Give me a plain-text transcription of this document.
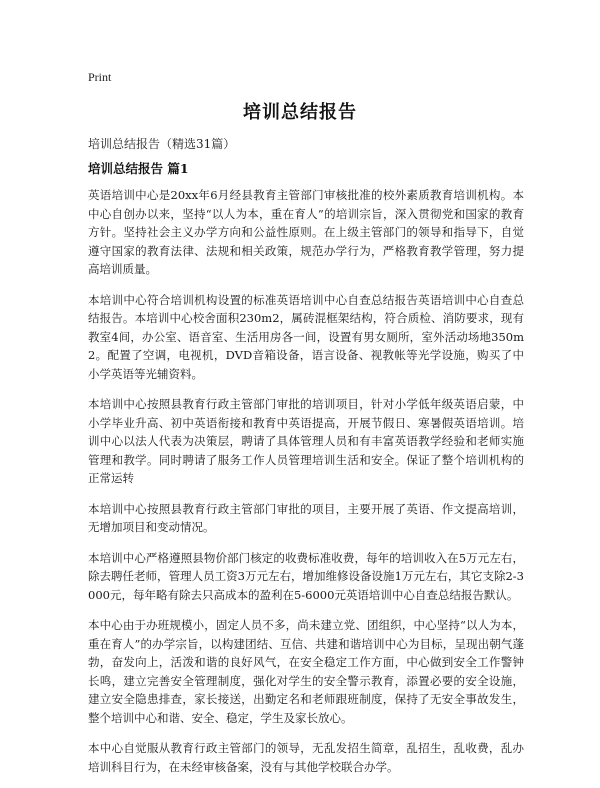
Print
培训总结报告
培训总结报告（精选31篇）
培训总结报告 篇1

英语培训中心是20xx年6月经县教育主管部门审核批准的校外素质教育培训机构。本中心自创办以来，坚持“以人为本，重在育人”的培训宗旨，深入贯彻党和国家的教育方针。坚持社会主义办学方向和公益性原则。在上级主管部门的领导和指导下，自觉遵守国家的教育法律、法规和相关政策，规范办学行为，严格教育教学管理，努力提高培训质量。

本培训中心符合培训机构设置的标准英语培训中心自查总结报告英语培训中心自查总结报告。本培训中心校舍面积230m2，属砖混框架结构，符合质检、消防要求，现有教室4间，办公室、语音室、生活用房各一间，设置有男女厕所，室外活动场地350m2。配置了空调，电视机，DVD音箱设备，语言设备、视教帐等光学设施，购买了中小学英语等光辅资料。

本培训中心按照县教育行政主管部门审批的培训项目，针对小学低年级英语启蒙，中小学毕业升高、初中英语衔接和教育中英语提高，开展节假日、寒暑假英语培训。培训中心以法人代表为决策层，聘请了具体管理人员和有丰富英语教学经验和老师实施管理和教学。同时聘请了服务工作人员管理培训生活和安全。保证了整个培训机构的正常运转

本培训中心按照县教育行政主管部门审批的项目，主要开展了英语、作文提高培训，无增加项目和变动情况。

本培训中心严格遵照县物价部门核定的收费标准收费，每年的培训收入在5万元左右，除去聘任老师，管理人员工资3万元左右，增加维修设备设施1万元左右，其它支除2-3000元，每年略有除去只高成本的盈利在5-6000元英语培训中心自查总结报告默认。

本中心由于办班规模小，固定人员不多，尚未建立党、团组织，中心坚持“以人为本，重在育人”的办学宗旨，以构建团结、互信、共建和谐培训中心为目标，呈现出朝气蓬勃，奋发向上，活泼和谐的良好风气，在安全稳定工作方面，中心做到安全工作警钟长鸣，建立完善安全管理制度，强化对学生的安全警示教育，添置必要的安全设施，建立安全隐患排查，家长接送，出勤定名和老师跟班制度，保持了无安全事故发生，整个培训中心和谐、安全、稳定，学生及家长放心。

本中心自觉服从教育行政主管部门的领导，无乱发招生简章，乱招生，乱收费，乱办培训科目行为，在未经审核备案，没有与其他学校联合办学。
